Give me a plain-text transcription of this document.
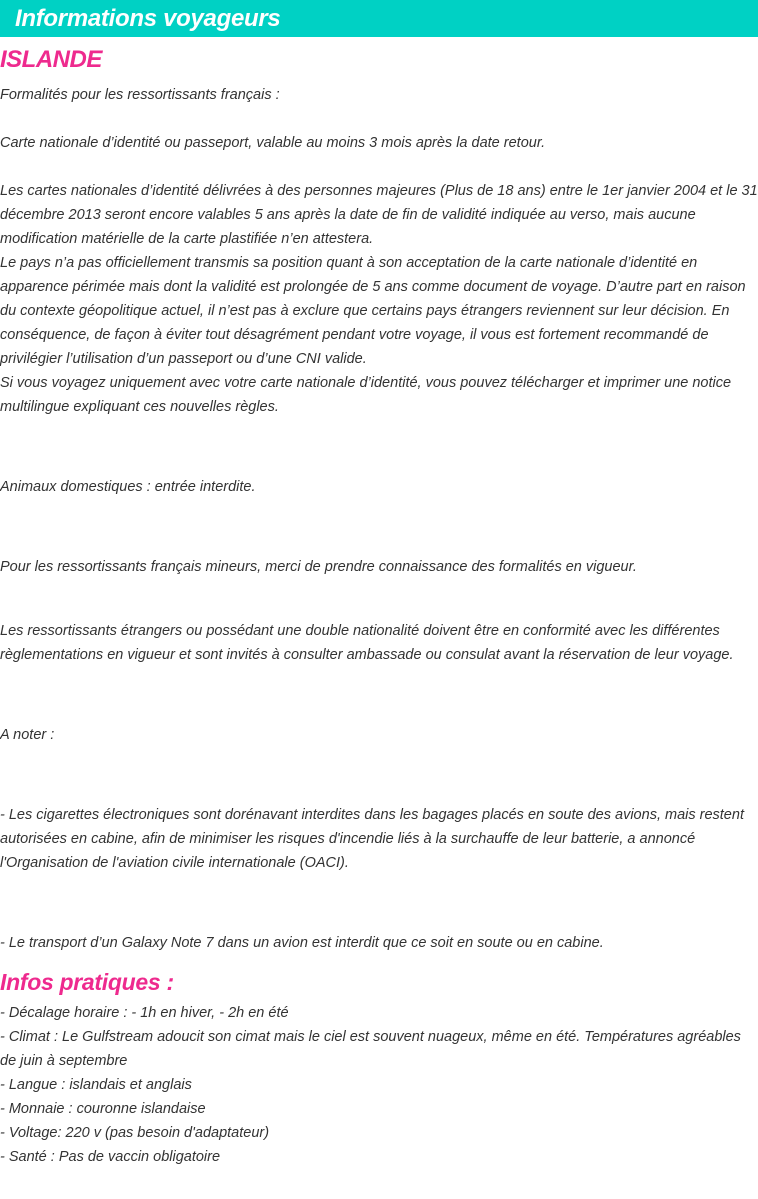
Informations voyageurs
ISLANDE

Formalités pour les ressortissants français :

Carte nationale d’identité ou passeport, valable au moins 3 mois après la date retour.

Les cartes nationales d’identité délivrées à des personnes majeures (Plus de 18 ans) entre le 1er janvier 2004 et le 31 décembre 2013 seront encore valables 5 ans après la date de fin de validité indiquée au verso, mais aucune modification matérielle de la carte plastifiée n’en attestera.

Le pays n’a pas officiellement transmis sa position quant à son acceptation de la carte nationale d’identité en apparence périmée mais dont la validité est prolongée de 5 ans comme document de voyage. D’autre part en raison du contexte géopolitique actuel, il n’est pas à exclure que certains pays étrangers reviennent sur leur décision. En conséquence, de façon à éviter tout désagrément pendant votre voyage, il vous est fortement recommandé de privilégier l’utilisation d’un passeport ou d’une CNI valide.

Si vous voyagez uniquement avec votre carte nationale d’identité, vous pouvez télécharger et imprimer une notice multilingue expliquant ces nouvelles règles.

Animaux domestiques : entrée interdite.

Pour les ressortissants français mineurs, merci de prendre connaissance des formalités en vigueur.

Les ressortissants étrangers ou possédant une double nationalité doivent être en conformité avec les différentes règlementations en vigueur et sont invités à consulter ambassade ou consulat avant la réservation de leur voyage.

A noter :

- Les cigarettes électroniques sont dorénavant interdites dans les bagages placés en soute des avions, mais restent autorisées en cabine, afin de minimiser les risques d'incendie liés à la surchauffe de leur batterie, a annoncé l'Organisation de l'aviation civile internationale (OACI).

- Le transport d’un Galaxy Note 7 dans un avion est interdit que ce soit en soute ou en cabine.

Infos pratiques :

- Décalage horaire : - 1h en hiver, - 2h en été

- Climat : Le Gulfstream adoucit son cimat mais le ciel est souvent nuageux, même en été. Températures agréables de juin à septembre

- Langue : islandais et anglais

- Monnaie : couronne islandaise

- Voltage: 220 v (pas besoin d'adaptateur)

- Santé : Pas de vaccin obligatoire
